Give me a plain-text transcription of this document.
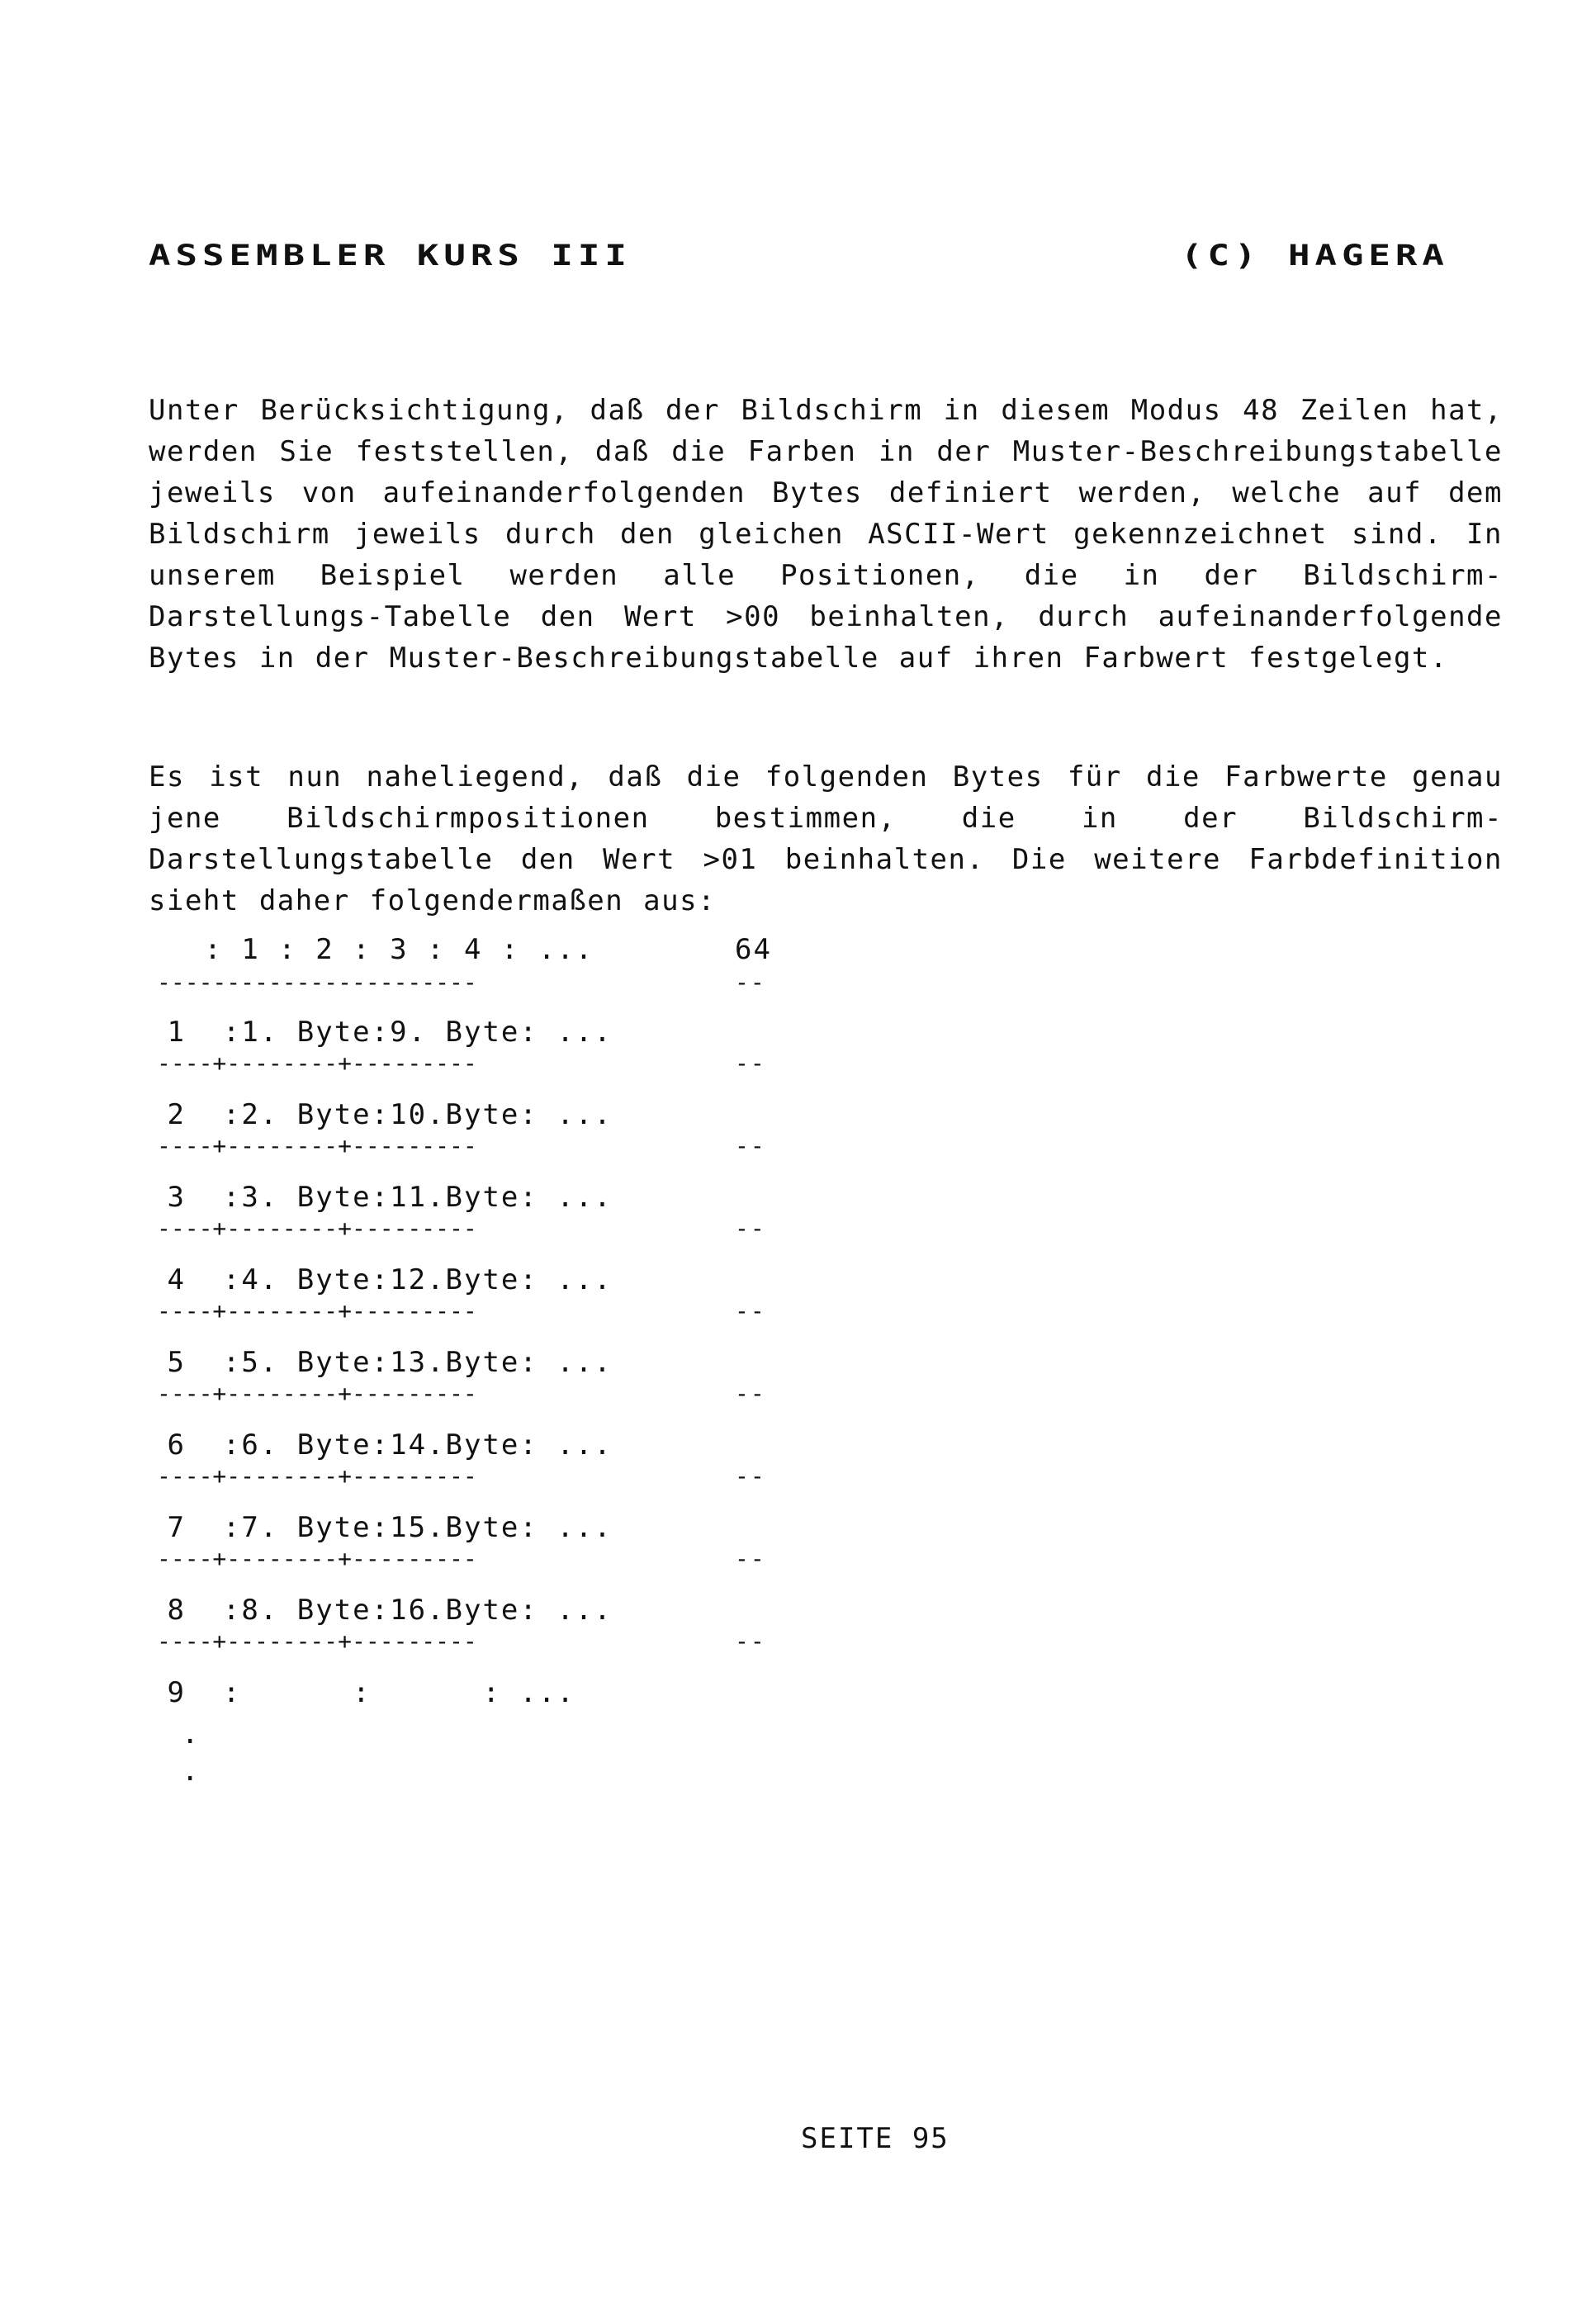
ASSEMBLER KURS III	(C) HAGERA

Unter Berücksichtigung, daß der Bildschirm in diesem Modus 48 Zeilen hat, werden Sie feststellen, daß die Farben in der Muster-Beschreibungstabelle jeweils von aufeinanderfolgenden Bytes definiert werden, welche auf dem Bildschirm jeweils durch den gleichen ASCII-Wert gekennzeichnet sind. In unserem Beispiel werden alle Positionen, die in der Bildschirm-Darstellungs-Tabelle den Wert >00 beinhalten, durch aufeinanderfolgende Bytes in der Muster-Beschreibungstabelle auf ihren Farbwert festgelegt.

Es ist nun naheliegend, daß die folgenden Bytes für die Farbwerte genau jene Bildschirmpositionen bestimmen, die in der Bildschirm-Darstellungstabelle den Wert >01 beinhalten. Die weitere Farbdefinition sieht daher folgendermaßen aus:

: 1 : 2 : 3 : 4 : ...	64
-----------------------	--
1  :1. Byte:9. Byte: ...
----+--------+---------	--
2  :2. Byte:10.Byte: ...
----+--------+---------	--
3  :3. Byte:11.Byte: ...
----+--------+---------	--
4  :4. Byte:12.Byte: ...
----+--------+---------	--
5  :5. Byte:13.Byte: ...
----+--------+---------	--
6  :6. Byte:14.Byte: ...
----+--------+---------	--
7  :7. Byte:15.Byte: ...
----+--------+---------	--
8  :8. Byte:16.Byte: ...
----+--------+---------	--
9  :      :      : ...
.
.
SEITE 95
